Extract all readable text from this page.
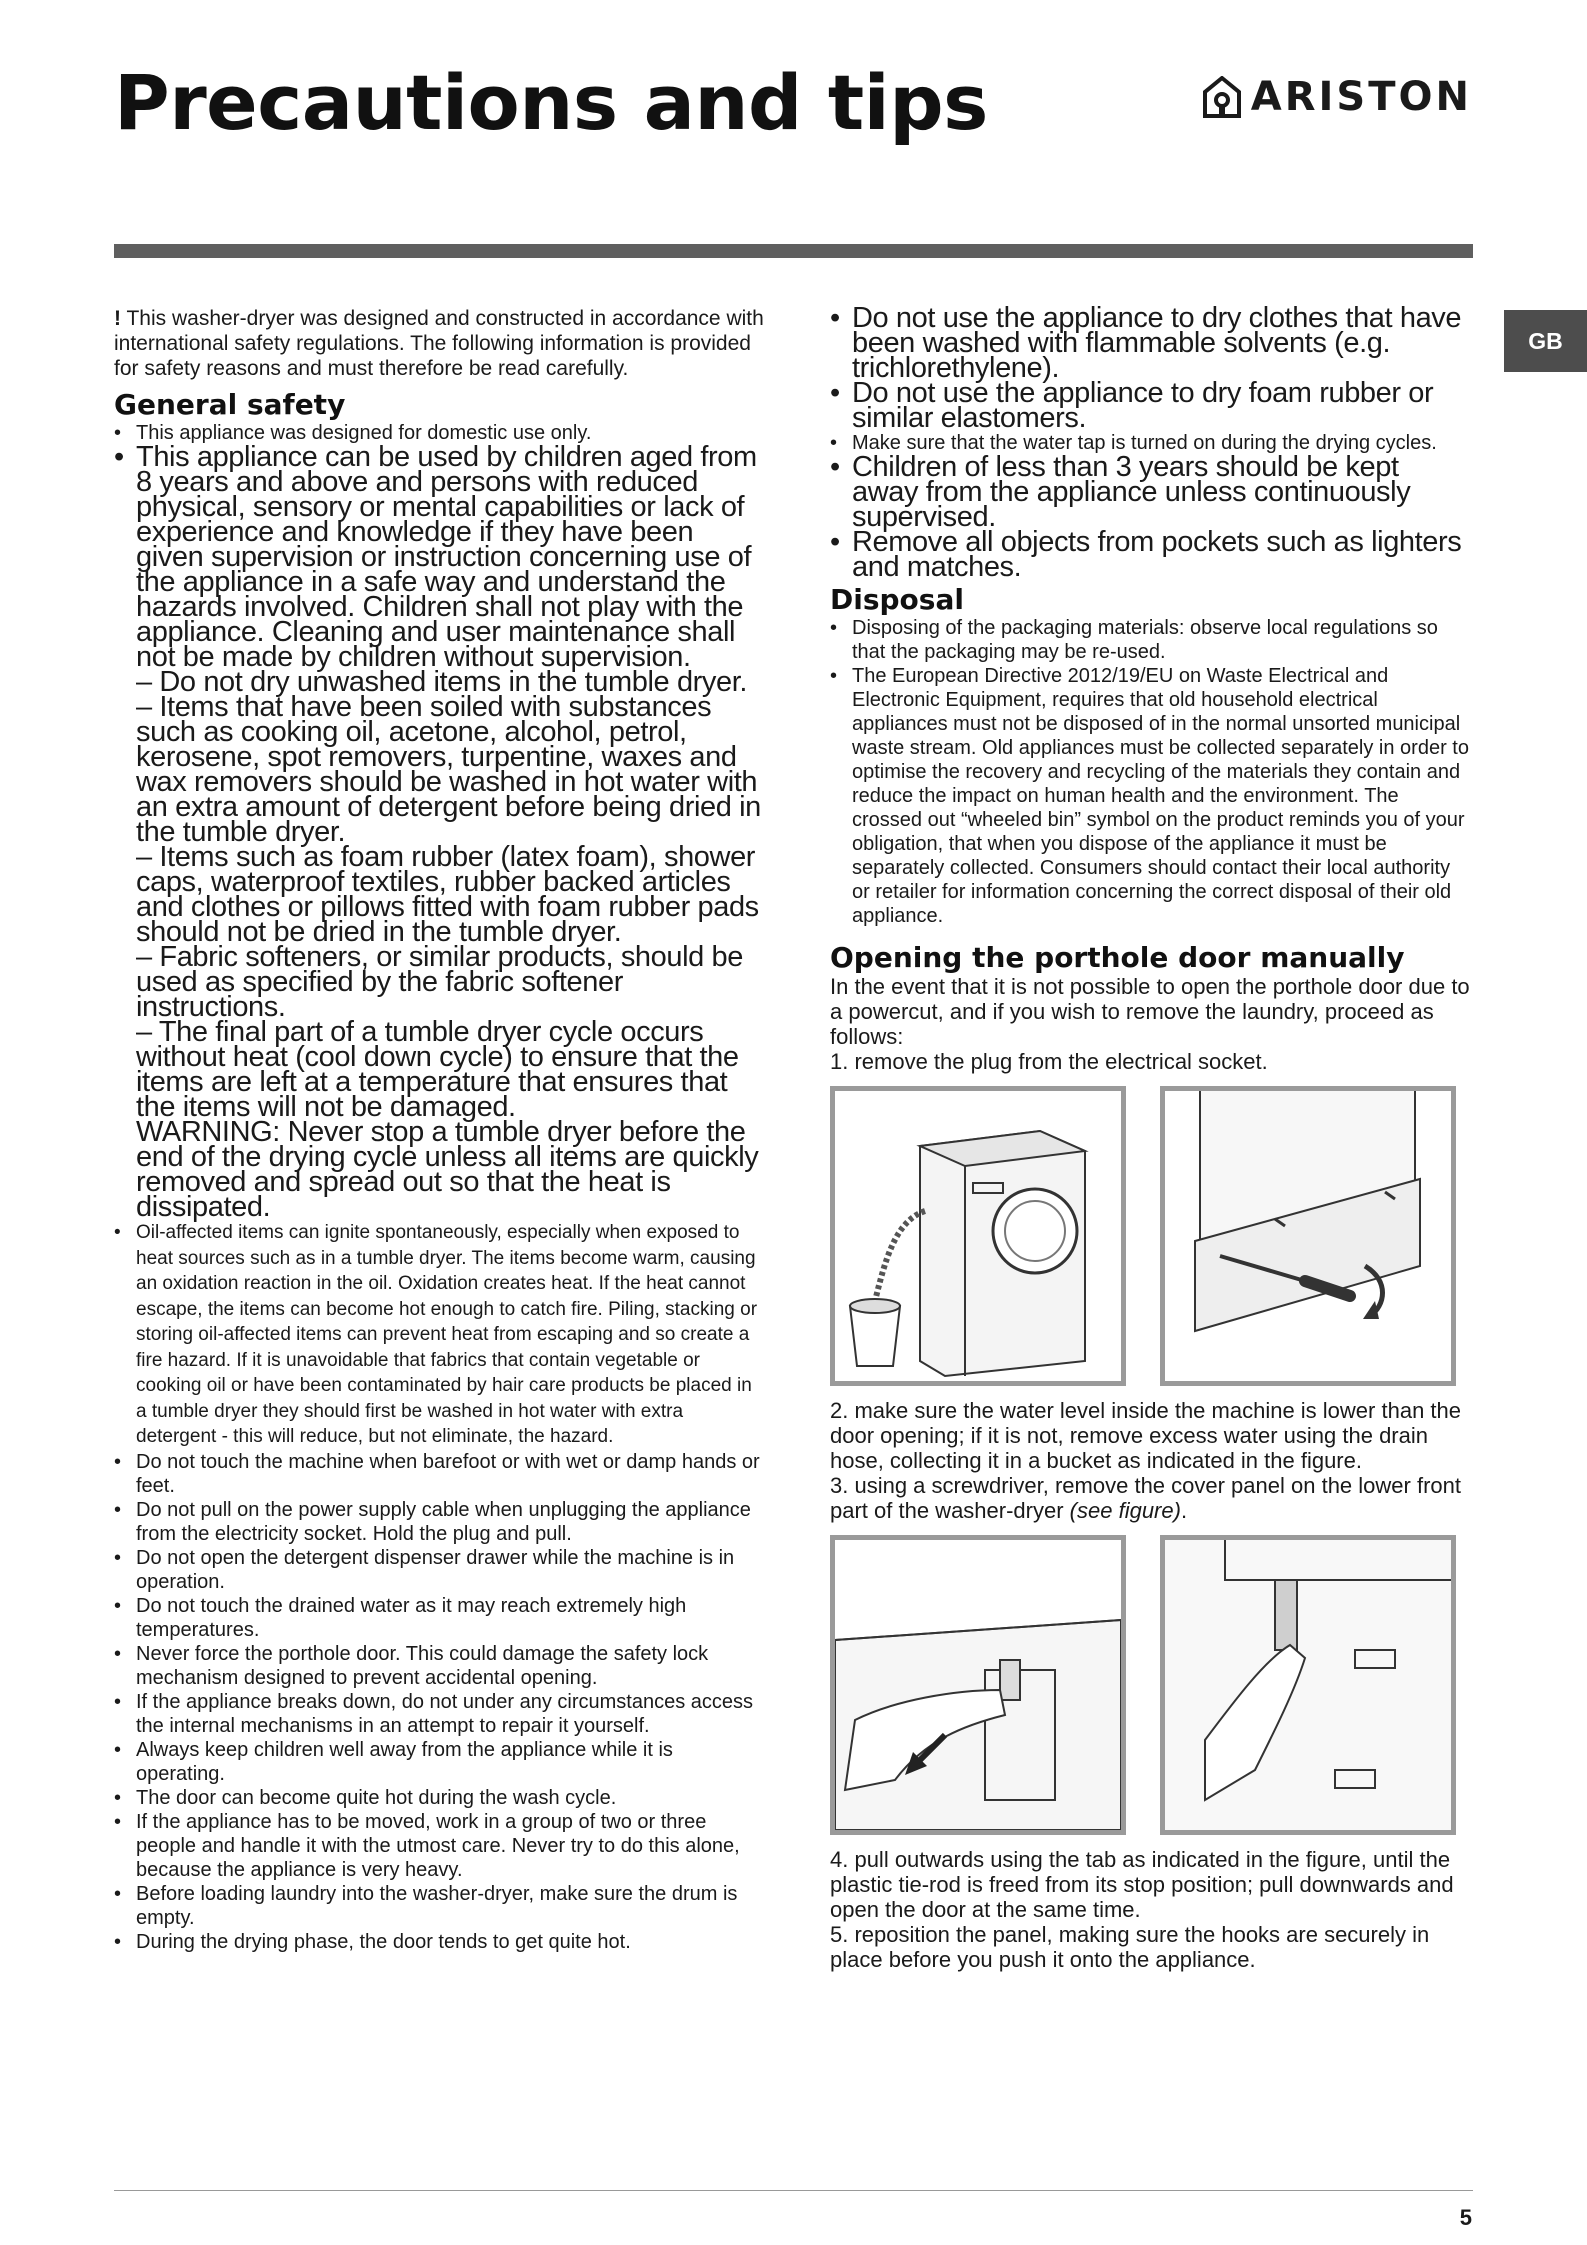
Precautions and tips	ARISTON
GB

! This washer-dryer was designed and constructed in accordance with international safety regulations. The following information is provided for safety reasons and must therefore be read carefully.

General safety
• This appliance was designed for domestic use only.
• This appliance can be used by children aged from 8 years and above and persons with reduced physical, sensory or mental capabilities or lack of experience and knowledge if they have been given supervision or instruction concerning use of the appliance in a safe way and understand the hazards involved. Children shall not play with the appliance. Cleaning and user maintenance shall not be made by children without supervision.
– Do not dry unwashed items in the tumble dryer.
– Items that have been soiled with substances such as cooking oil, acetone, alcohol, petrol, kerosene, spot removers, turpentine, waxes and wax removers should be washed in hot water with an extra amount of detergent before being dried in the tumble dryer.
– Items such as foam rubber (latex foam), shower caps, waterproof textiles, rubber backed articles and clothes or pillows fitted with foam rubber pads should not be dried in the tumble dryer.
– Fabric softeners, or similar products, should be used as specified by the fabric softener instructions.
– The final part of a tumble dryer cycle occurs without heat (cool down cycle) to ensure that the items are left at a temperature that ensures that the items will not be damaged.
WARNING: Never stop a tumble dryer before the end of the drying cycle unless all items are quickly removed and spread out so that the heat is dissipated.
• Oil-affected items can ignite spontaneously, especially when exposed to heat sources such as in a tumble dryer. The items become warm, causing an oxidation reaction in the oil. Oxidation creates heat. If the heat cannot escape, the items can become hot enough to catch fire. Piling, stacking or storing oil-affected items can prevent heat from escaping and so create a fire hazard. If it is unavoidable that fabrics that contain vegetable or cooking oil or have been contaminated by hair care products be placed in a tumble dryer they should first be washed in hot water with extra detergent - this will reduce, but not eliminate, the hazard.
• Do not touch the machine when barefoot or with wet or damp hands or feet.
• Do not pull on the power supply cable when unplugging the appliance from the electricity socket. Hold the plug and pull.
• Do not open the detergent dispenser drawer while the machine is in operation.
• Do not touch the drained water as it may reach extremely high temperatures.
• Never force the porthole door. This could damage the safety lock mechanism designed to prevent accidental opening.
• If the appliance breaks down, do not under any circumstances access the internal mechanisms in an attempt to repair it yourself.
• Always keep children well away from the appliance while it is operating.
• The door can become quite hot during the wash cycle.
• If the appliance has to be moved, work in a group of two or three people and handle it with the utmost care. Never try to do this alone, because the appliance is very heavy.
• Before loading laundry into the washer-dryer, make sure the drum is empty.
• During the drying phase, the door tends to get quite hot.
• Do not use the appliance to dry clothes that have been washed with flammable solvents (e.g. trichlorethylene).
• Do not use the appliance to dry foam rubber or similar elastomers.
• Make sure that the water tap is turned on during the drying cycles.
• Children of less than 3 years should be kept away from the appliance unless continuously supervised.
• Remove all objects from pockets such as lighters and matches.
Disposal
• Disposing of the packaging materials: observe local regulations so that the packaging may be re-used.
• The European Directive 2012/19/EU on Waste Electrical and Electronic Equipment, requires that old household electrical appliances must not be disposed of in the normal unsorted municipal waste stream. Old appliances must be collected separately in order to optimise the recovery and recycling of the materials they contain and reduce the impact on human health and the environment. The crossed out “wheeled bin” symbol on the product reminds you of your obligation, that when you dispose of the appliance it must be separately collected. Consumers should contact their local authority or retailer for information concerning the correct disposal of their old appliance.
Opening the porthole door manually

In the event that it is not possible to open the porthole door due to a powercut, and if you wish to remove the laundry, proceed as follows:

1. remove the plug from the electrical socket.

2. make sure the water level inside the machine is lower than the door opening; if it is not, remove excess water using the drain hose, collecting it in a bucket as indicated in the figure.

3. using a screwdriver, remove the cover panel on the lower front part of the washer-dryer (see figure).

4. pull outwards using the tab as indicated in the figure, until the plastic tie-rod is freed from its stop position; pull downwards and open the door at the same time.

5. reposition the panel, making sure the hooks are securely in place before you push it onto the appliance.

5
